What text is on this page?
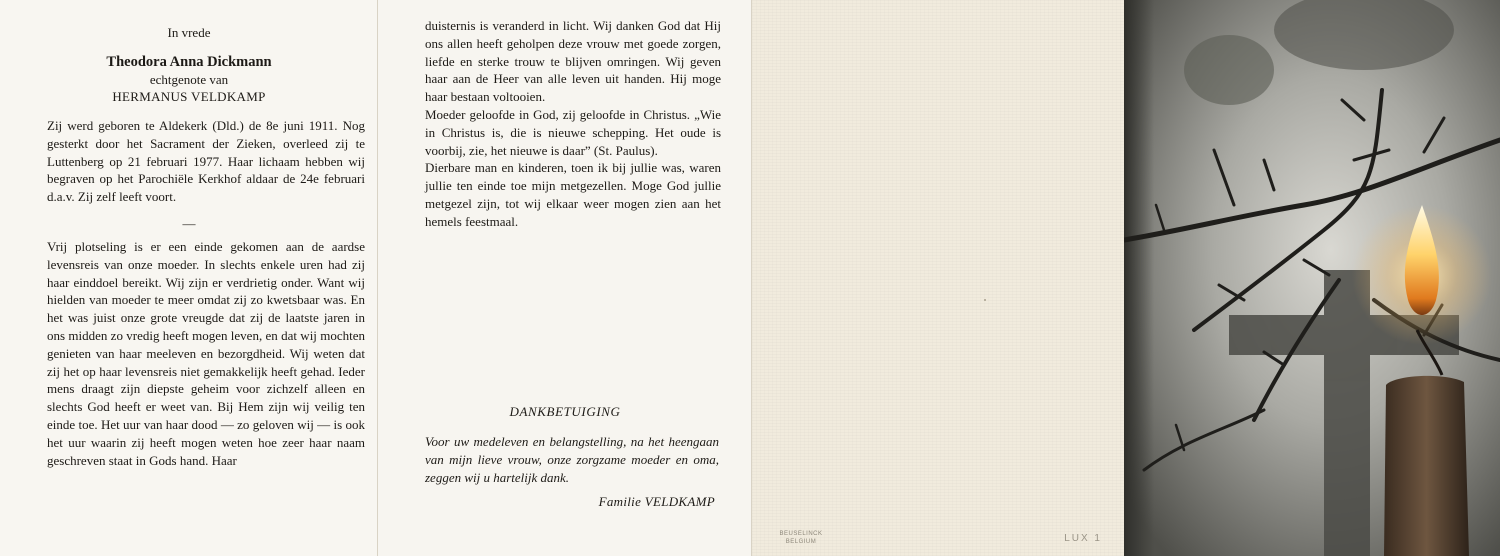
In vrede
Theodora Anna Dickmann
echtgenote van
HERMANUS VELDKAMP
Zij werd geboren te Aldekerk (Dld.) de 8e juni 1911. Nog gesterkt door het Sacrament der Zieken, overleed zij te Luttenberg op 21 februari 1977. Haar lichaam hebben wij begraven op het Parochiële Kerkhof aldaar de 24e februari d.a.v. Zij zelf leeft voort.
—
Vrij plotseling is er een einde gekomen aan de aardse levensreis van onze moeder. In slechts enkele uren had zij haar einddoel bereikt. Wij zijn er verdrietig onder. Want wij hielden van moeder te meer omdat zij zo kwetsbaar was. En het was juist onze grote vreugde dat zij de laatste jaren in ons midden zo vredig heeft mogen leven, en dat wij mochten genieten van haar meeleven en bezorgdheid. Wij weten dat zij het op haar levensreis niet gemakkelijk heeft gehad. Ieder mens draagt zijn diepste geheim voor zichzelf alleen en slechts God heeft er weet van. Bij Hem zijn wij veilig ten einde toe. Het uur van haar dood — zo geloven wij — is ook het uur waarin zij heeft mogen weten hoe zeer haar naam geschreven staat in Gods hand. Haar
duisternis is veranderd in licht. Wij danken God dat Hij ons allen heeft geholpen deze vrouw met goede zorgen, liefde en sterke trouw te blijven omringen. Wij geven haar aan de Heer van alle leven uit handen. Hij moge haar bestaan voltooien.
Moeder geloofde in God, zij geloofde in Christus. „Wie in Christus is, die is nieuwe schepping. Het oude is voorbij, zie, het nieuwe is daar” (St. Paulus).
Dierbare man en kinderen, toen ik bij jullie was, waren jullie ten einde toe mijn metgezellen. Moge God jullie metgezel zijn, tot wij elkaar weer mogen zien aan het hemels feestmaal.
DANKBETUIGING
Voor uw medeleven en belangstelling, na het heengaan van mijn lieve vrouw, onze zorgzame moeder en oma, zeggen wij u hartelijk dank.
Familie VELDKAMP
BEUSELINCK
BELGIUM	LUX 1
